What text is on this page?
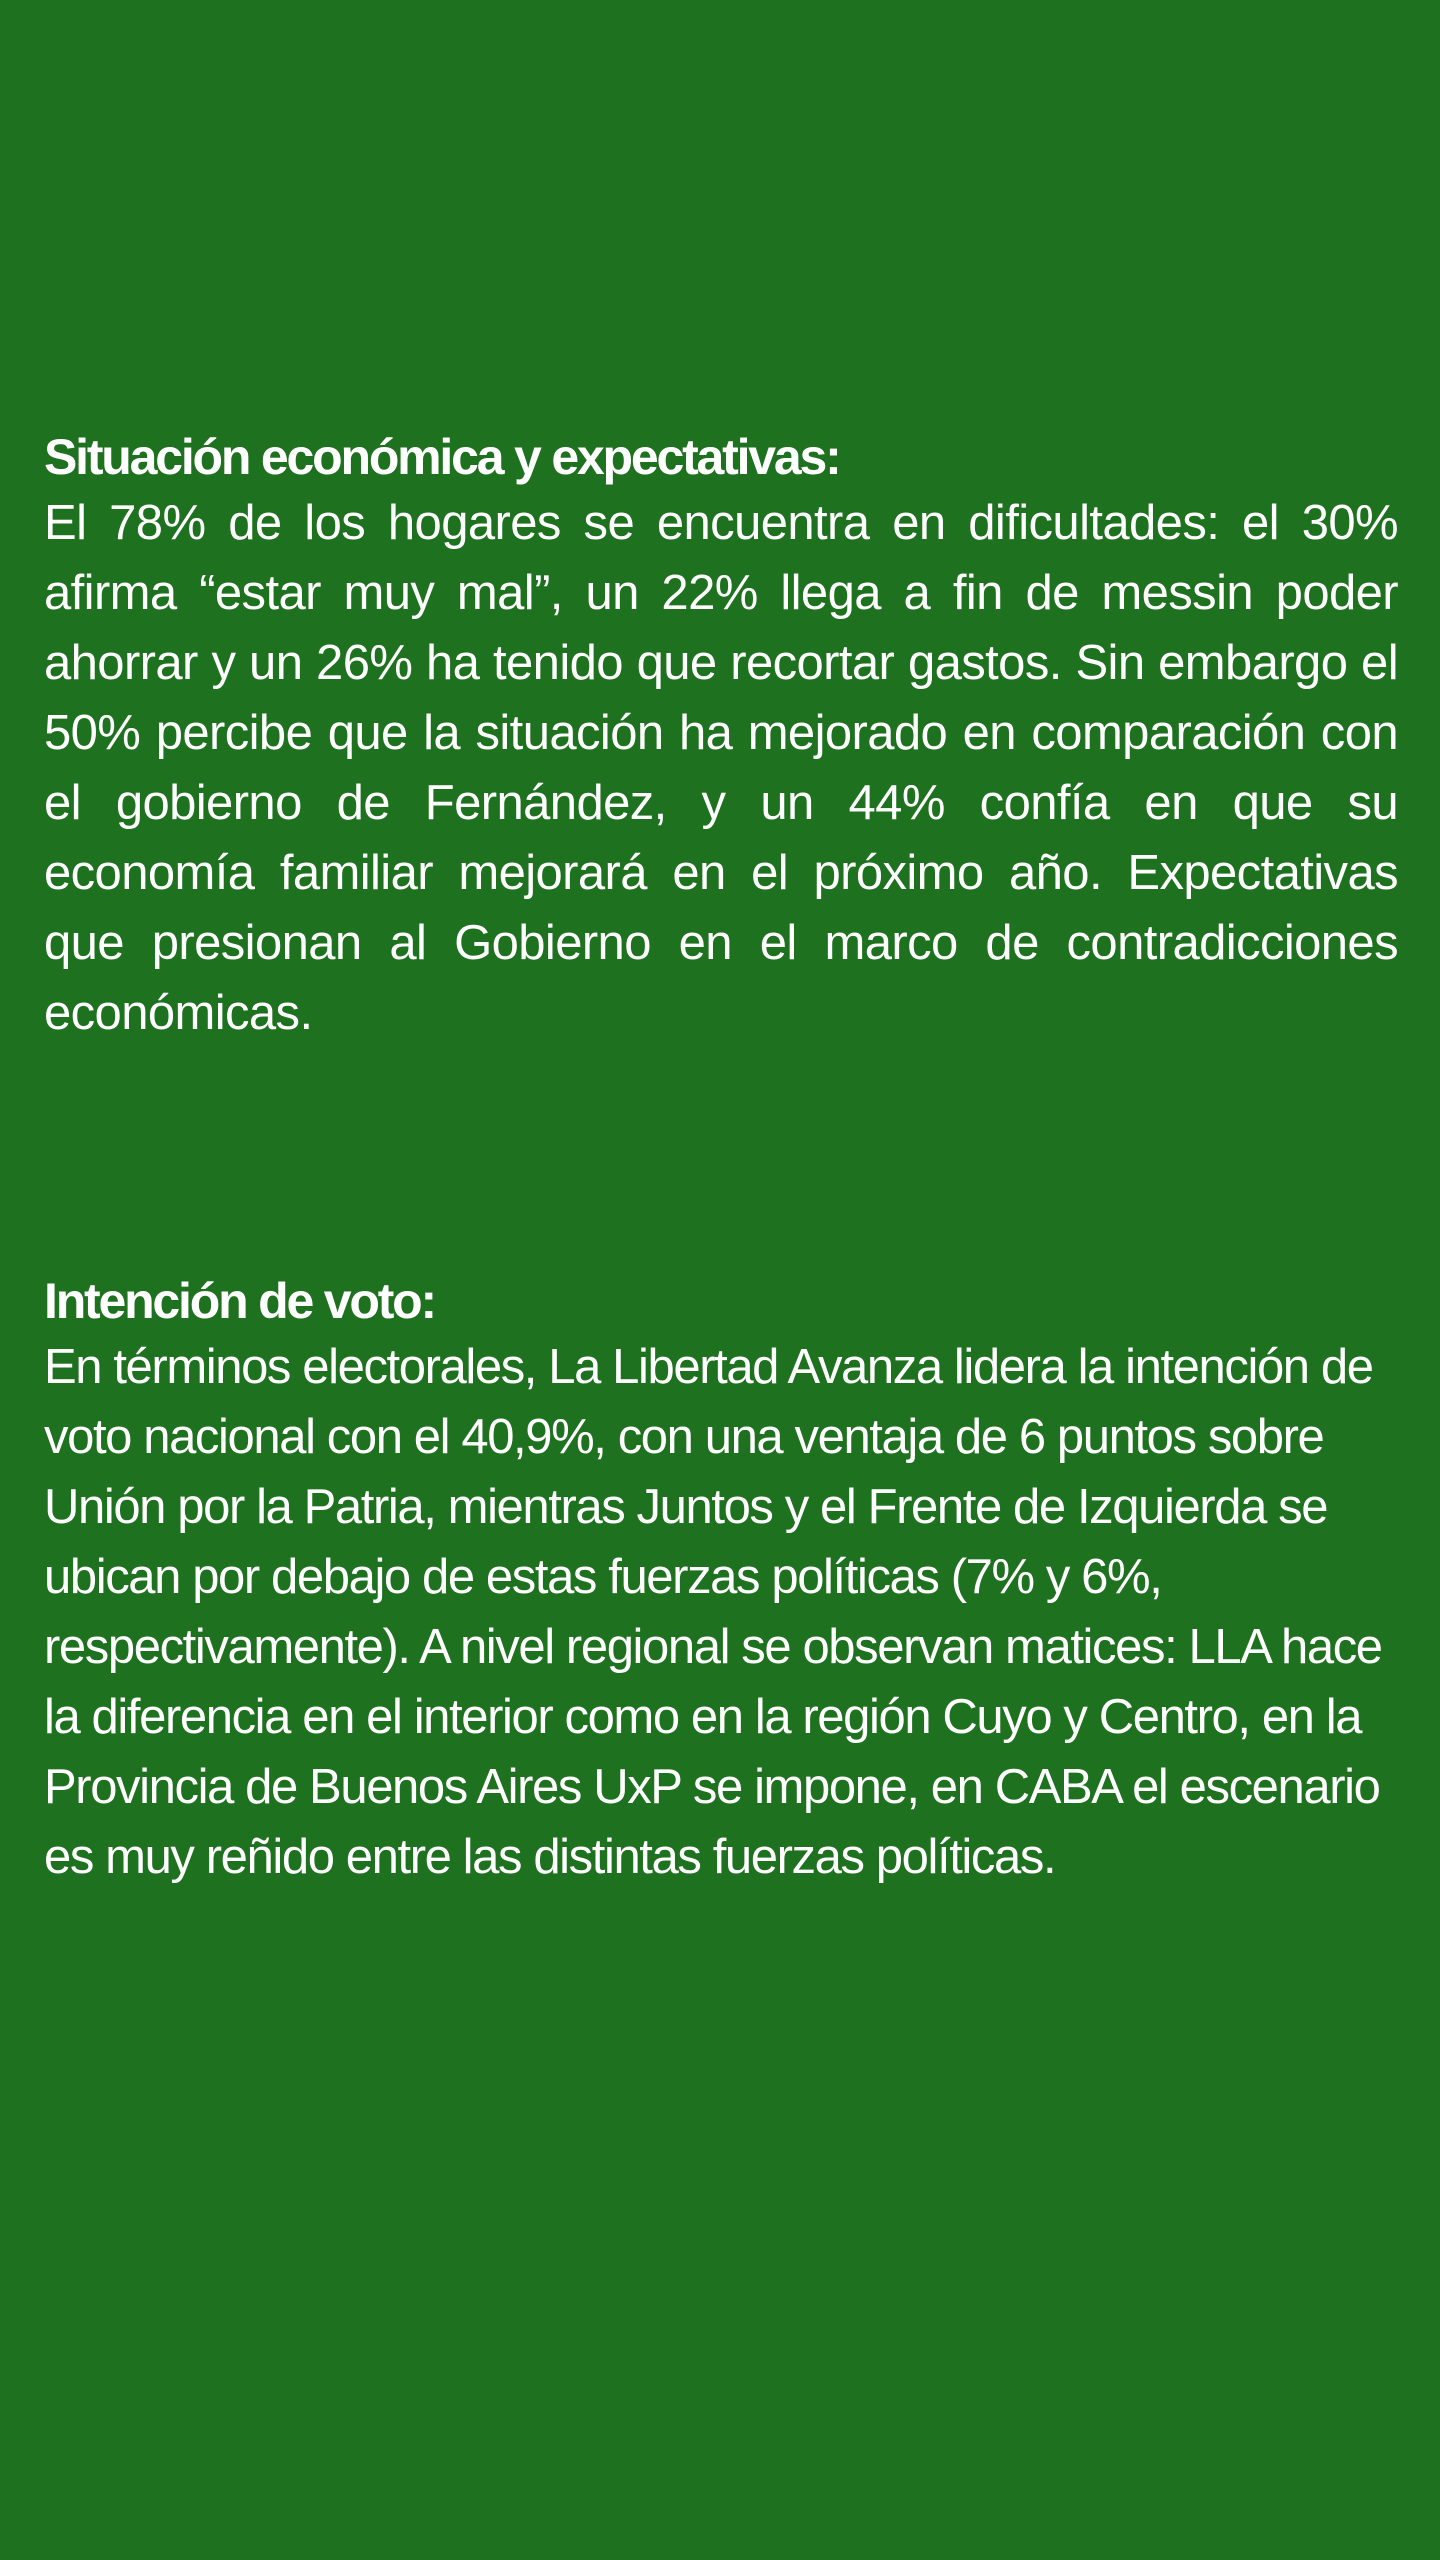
Situación económica y expectativas:

El 78% de los hogares se encuentra en dificultades: el 30% afirma “estar muy mal”, un 22% llega a fin de messin poder ahorrar y un 26% ha tenido que recortar gastos. Sin embargo el 50% percibe que la situación ha mejorado en comparación con el gobierno de Fernández, y un 44% confía en que su economía familiar mejorará en el próximo año. Expectativas que presionan al Gobierno en el marco de contradicciones económicas.

Intención de voto:

En términos electorales, La Libertad Avanza lidera la intención de voto nacional con el 40,9%, con una ventaja de 6 puntos sobre Unión por la Patria, mientras Juntos y el Frente de Izquierda se ubican por debajo de estas fuerzas políticas (7% y 6%, respectivamente). A nivel regional se observan matices: LLA hace la diferencia en el interior como en la región Cuyo y Centro, en la Provincia de Buenos Aires UxP se impone, en CABA el escenario es muy reñido entre las distintas fuerzas políticas.
